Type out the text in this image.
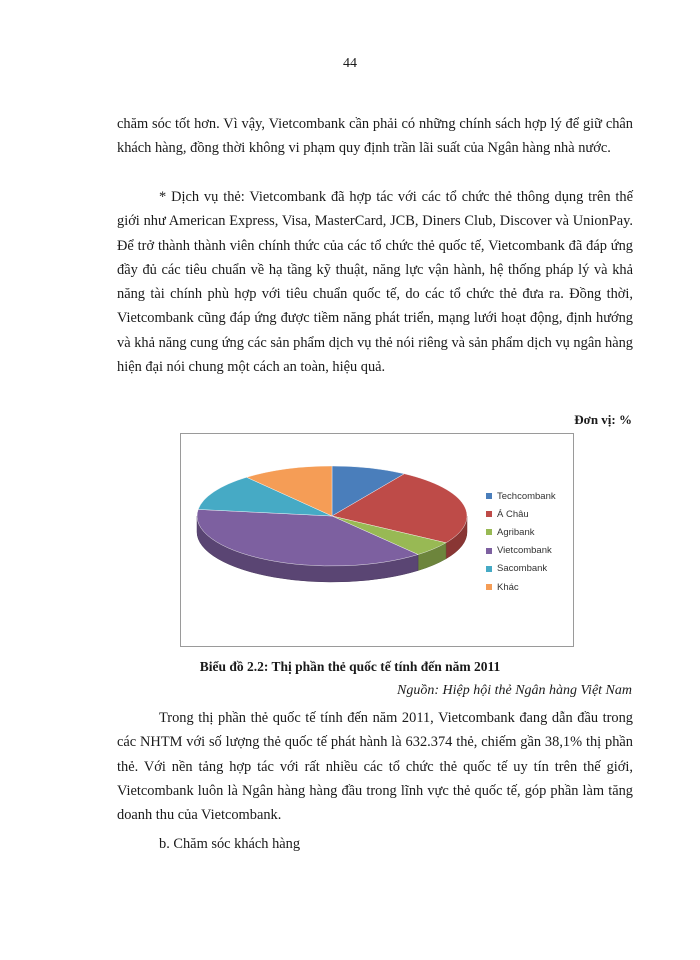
44

chăm sóc tốt hơn. Vì vậy, Vietcombank cần phải có những chính sách hợp lý để giữ chân khách hàng, đồng thời không vi phạm quy định trần lãi suất của Ngân hàng nhà nước.

* Dịch vụ thẻ: Vietcombank đã hợp tác với các tổ chức thẻ thông dụng trên thế giới như American Express, Visa, MasterCard, JCB, Diners Club, Discover và UnionPay. Để trở thành thành viên chính thức của các tổ chức thẻ quốc tế, Vietcombank đã đáp ứng đầy đủ các tiêu chuẩn về hạ tầng kỹ thuật, năng lực vận hành, hệ thống pháp lý và khả năng tài chính phù hợp với tiêu chuẩn quốc tế, do các tổ chức thẻ đưa ra. Đồng thời, Vietcombank cũng đáp ứng được tiềm năng phát triển, mạng lưới hoạt động, định hướng và khả năng cung ứng các sản phẩm dịch vụ thẻ nói riêng và sản phẩm dịch vụ ngân hàng hiện đại nói chung một cách an toàn, hiệu quả.

Đơn vị: %
Techcombank
Á Châu
Agribank
Vietcombank
Sacombank
Khác
Biểu đồ 2.2: Thị phần thẻ quốc tế tính đến năm 2011
Nguồn: Hiệp hội thẻ Ngân hàng Việt Nam

Trong thị phần thẻ quốc tế tính đến năm 2011, Vietcombank đang dẫn đầu trong các NHTM với số lượng thẻ quốc tế phát hành là 632.374 thẻ, chiếm gần 38,1% thị phần thẻ. Với nền tảng hợp tác với rất nhiều các tổ chức thẻ quốc tế uy tín trên thế giới, Vietcombank luôn là Ngân hàng hàng đầu trong lĩnh vực thẻ quốc tế, góp phần làm tăng doanh thu của Vietcombank.

b. Chăm sóc khách hàng
